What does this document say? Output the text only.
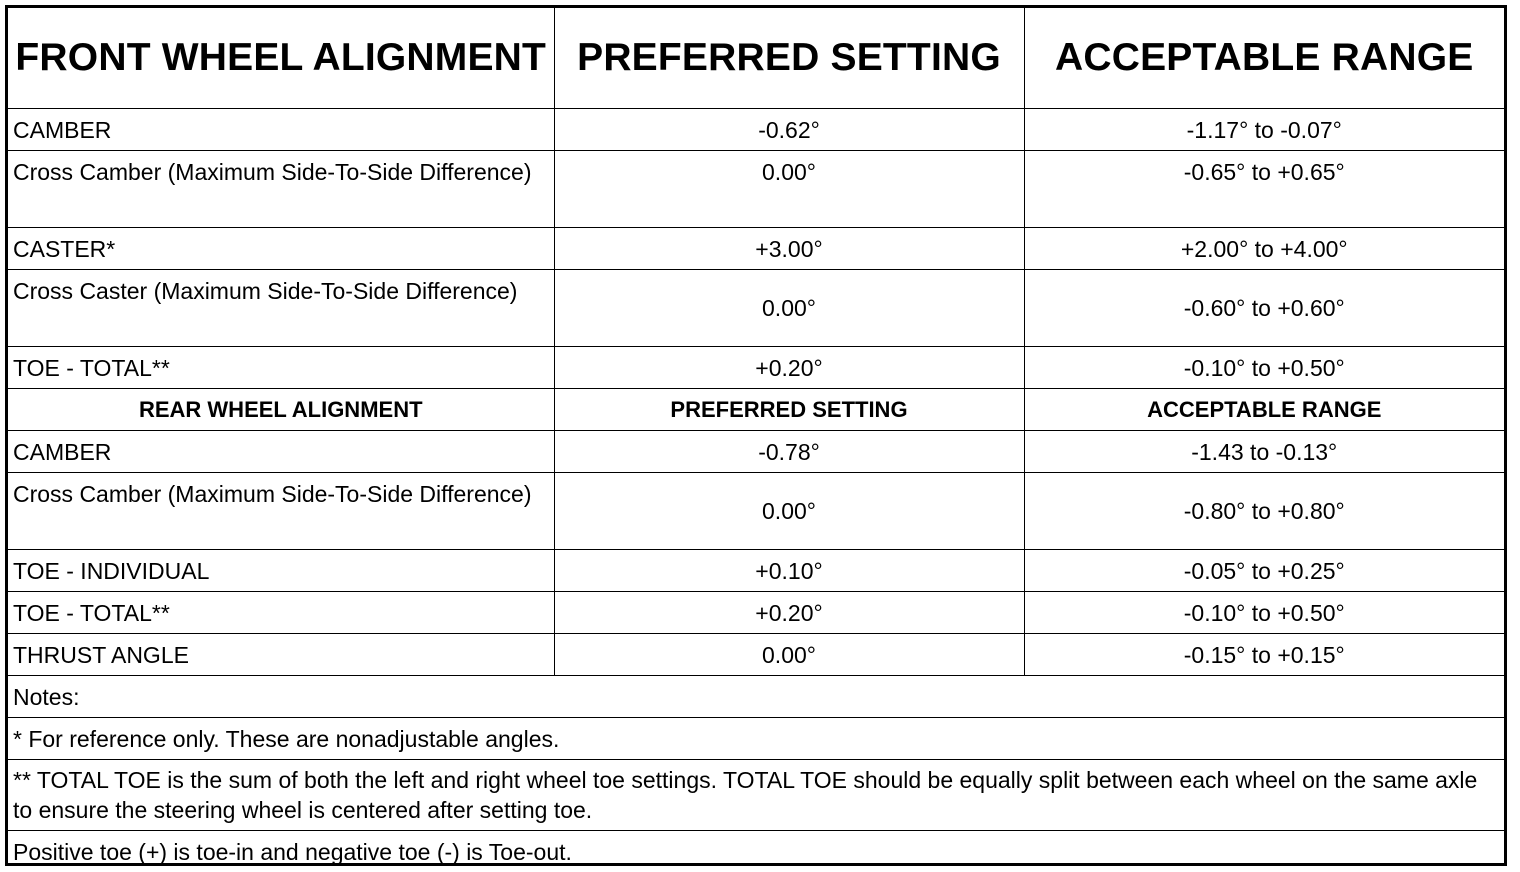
FRONT WHEEL ALIGNMENT	PREFERRED SETTING	ACCEPTABLE RANGE
CAMBER	-0.62°	-1.17° to -0.07°
Cross Camber (Maximum Side-To-Side Difference)	0.00°	-0.65° to +0.65°
CASTER*	+3.00°	+2.00° to +4.00°
Cross Caster (Maximum Side-To-Side Difference)	0.00°	-0.60° to +0.60°
TOE - TOTAL**	+0.20°	-0.10° to +0.50°
REAR WHEEL ALIGNMENT	PREFERRED SETTING	ACCEPTABLE RANGE
CAMBER	-0.78°	-1.43 to -0.13°
Cross Camber (Maximum Side-To-Side Difference)	0.00°	-0.80° to +0.80°
TOE - INDIVIDUAL	+0.10°	-0.05° to +0.25°
TOE - TOTAL**	+0.20°	-0.10° to +0.50°
THRUST ANGLE	0.00°	-0.15° to +0.15°
Notes:		
* For reference only. These are nonadjustable angles.		
** TOTAL TOE is the sum of both the left and right wheel toe settings. TOTAL TOE should be equally split between each wheel on the same axle to ensure the steering wheel is centered after setting toe.		
Positive toe (+) is toe-in and negative toe (-) is Toe-out.		
